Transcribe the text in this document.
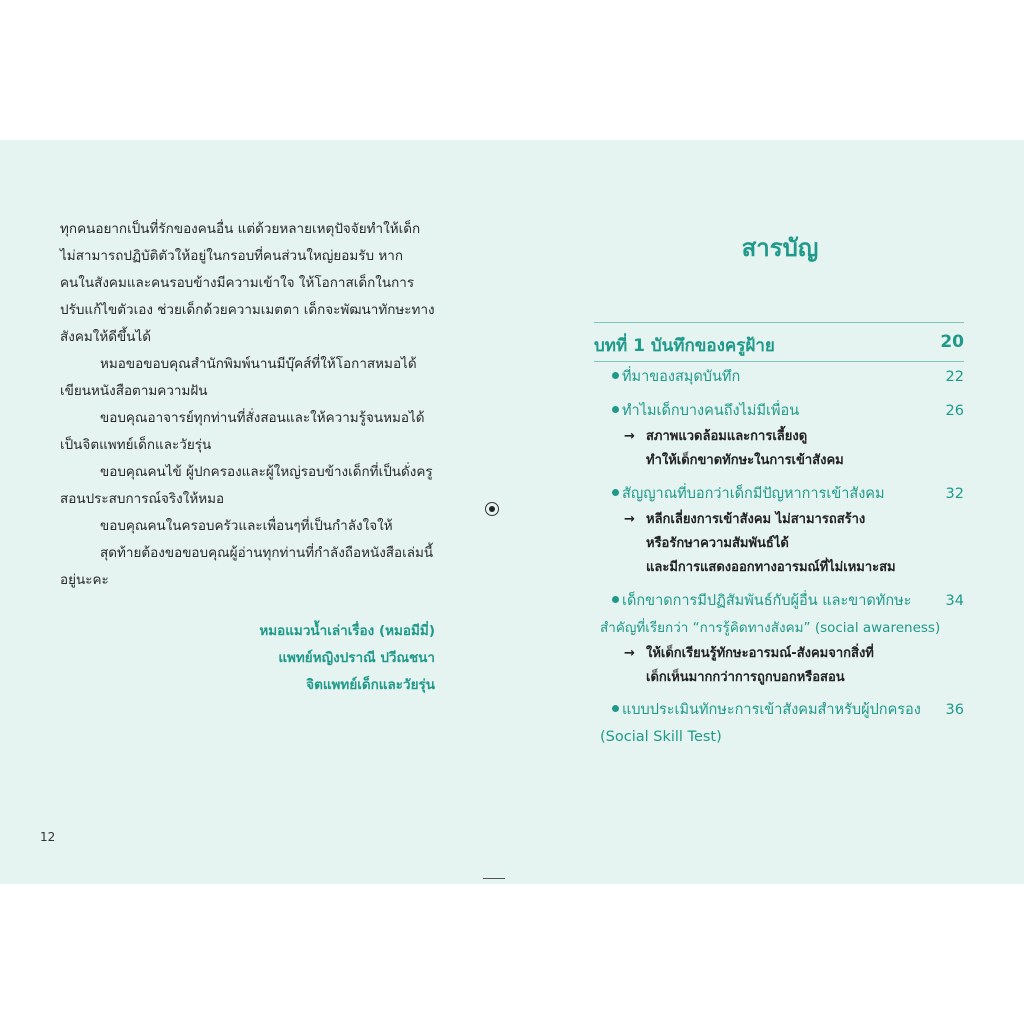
ทุกคนอยากเป็นที่รักของคนอื่น แต่ด้วยหลายเหตุปัจจัยทำให้เด็กไม่สามารถปฏิบัติตัวให้อยู่ในกรอบที่คนส่วนใหญ่ยอมรับ หากคนในสังคมและคนรอบข้างมีความเข้าใจ ให้โอกาสเด็กในการปรับแก้ไขตัวเอง ช่วยเด็กด้วยความเมตตา เด็กจะพัฒนาทักษะทางสังคมให้ดีขึ้นได้

หมอขอขอบคุณสำนักพิมพ์นานมีบุ๊คส์ที่ให้โอกาสหมอได้เขียนหนังสือตามความฝัน

ขอบคุณอาจารย์ทุกท่านที่สั่งสอนและให้ความรู้จนหมอได้เป็นจิตแพทย์เด็กและวัยรุ่น

ขอบคุณคนไข้ ผู้ปกครองและผู้ใหญ่รอบข้างเด็กที่เป็นดั่งครูสอนประสบการณ์จริงให้หมอ

ขอบคุณคนในครอบครัวและเพื่อนๆที่เป็นกำลังใจให้

สุดท้ายต้องขอขอบคุณผู้อ่านทุกท่านที่กำลังถือหนังสือเล่มนี้อยู่นะคะ

หมอแมวน้ำเล่าเรื่อง (หมอมีมี่)
แพทย์หญิงปราณี ปวีณชนา
จิตแพทย์เด็กและวัยรุ่น
12
สารบัญ
บทที่ 1 บันทึกของครูฝ้าย	20
ที่มาของสมุดบันทึก	22
ทำไมเด็กบางคนถึงไม่มีเพื่อน	26
→ สภาพแวดล้อมและการเลี้ยงดู
ทำให้เด็กขาดทักษะในการเข้าสังคม
สัญญาณที่บอกว่าเด็กมีปัญหาการเข้าสังคม	32
→ หลีกเลี่ยงการเข้าสังคม ไม่สามารถสร้าง
หรือรักษาความสัมพันธ์ได้
และมีการแสดงออกทางอารมณ์ที่ไม่เหมาะสม
เด็กขาดการมีปฏิสัมพันธ์กับผู้อื่น และขาดทักษะ	34
สำคัญที่เรียกว่า “การรู้คิดทางสังคม” (social awareness)
→ ให้เด็กเรียนรู้ทักษะอารมณ์-สังคมจากสิ่งที่
เด็กเห็นมากกว่าการถูกบอกหรือสอน
แบบประเมินทักษะการเข้าสังคมสำหรับผู้ปกครอง	36
(Social Skill Test)
